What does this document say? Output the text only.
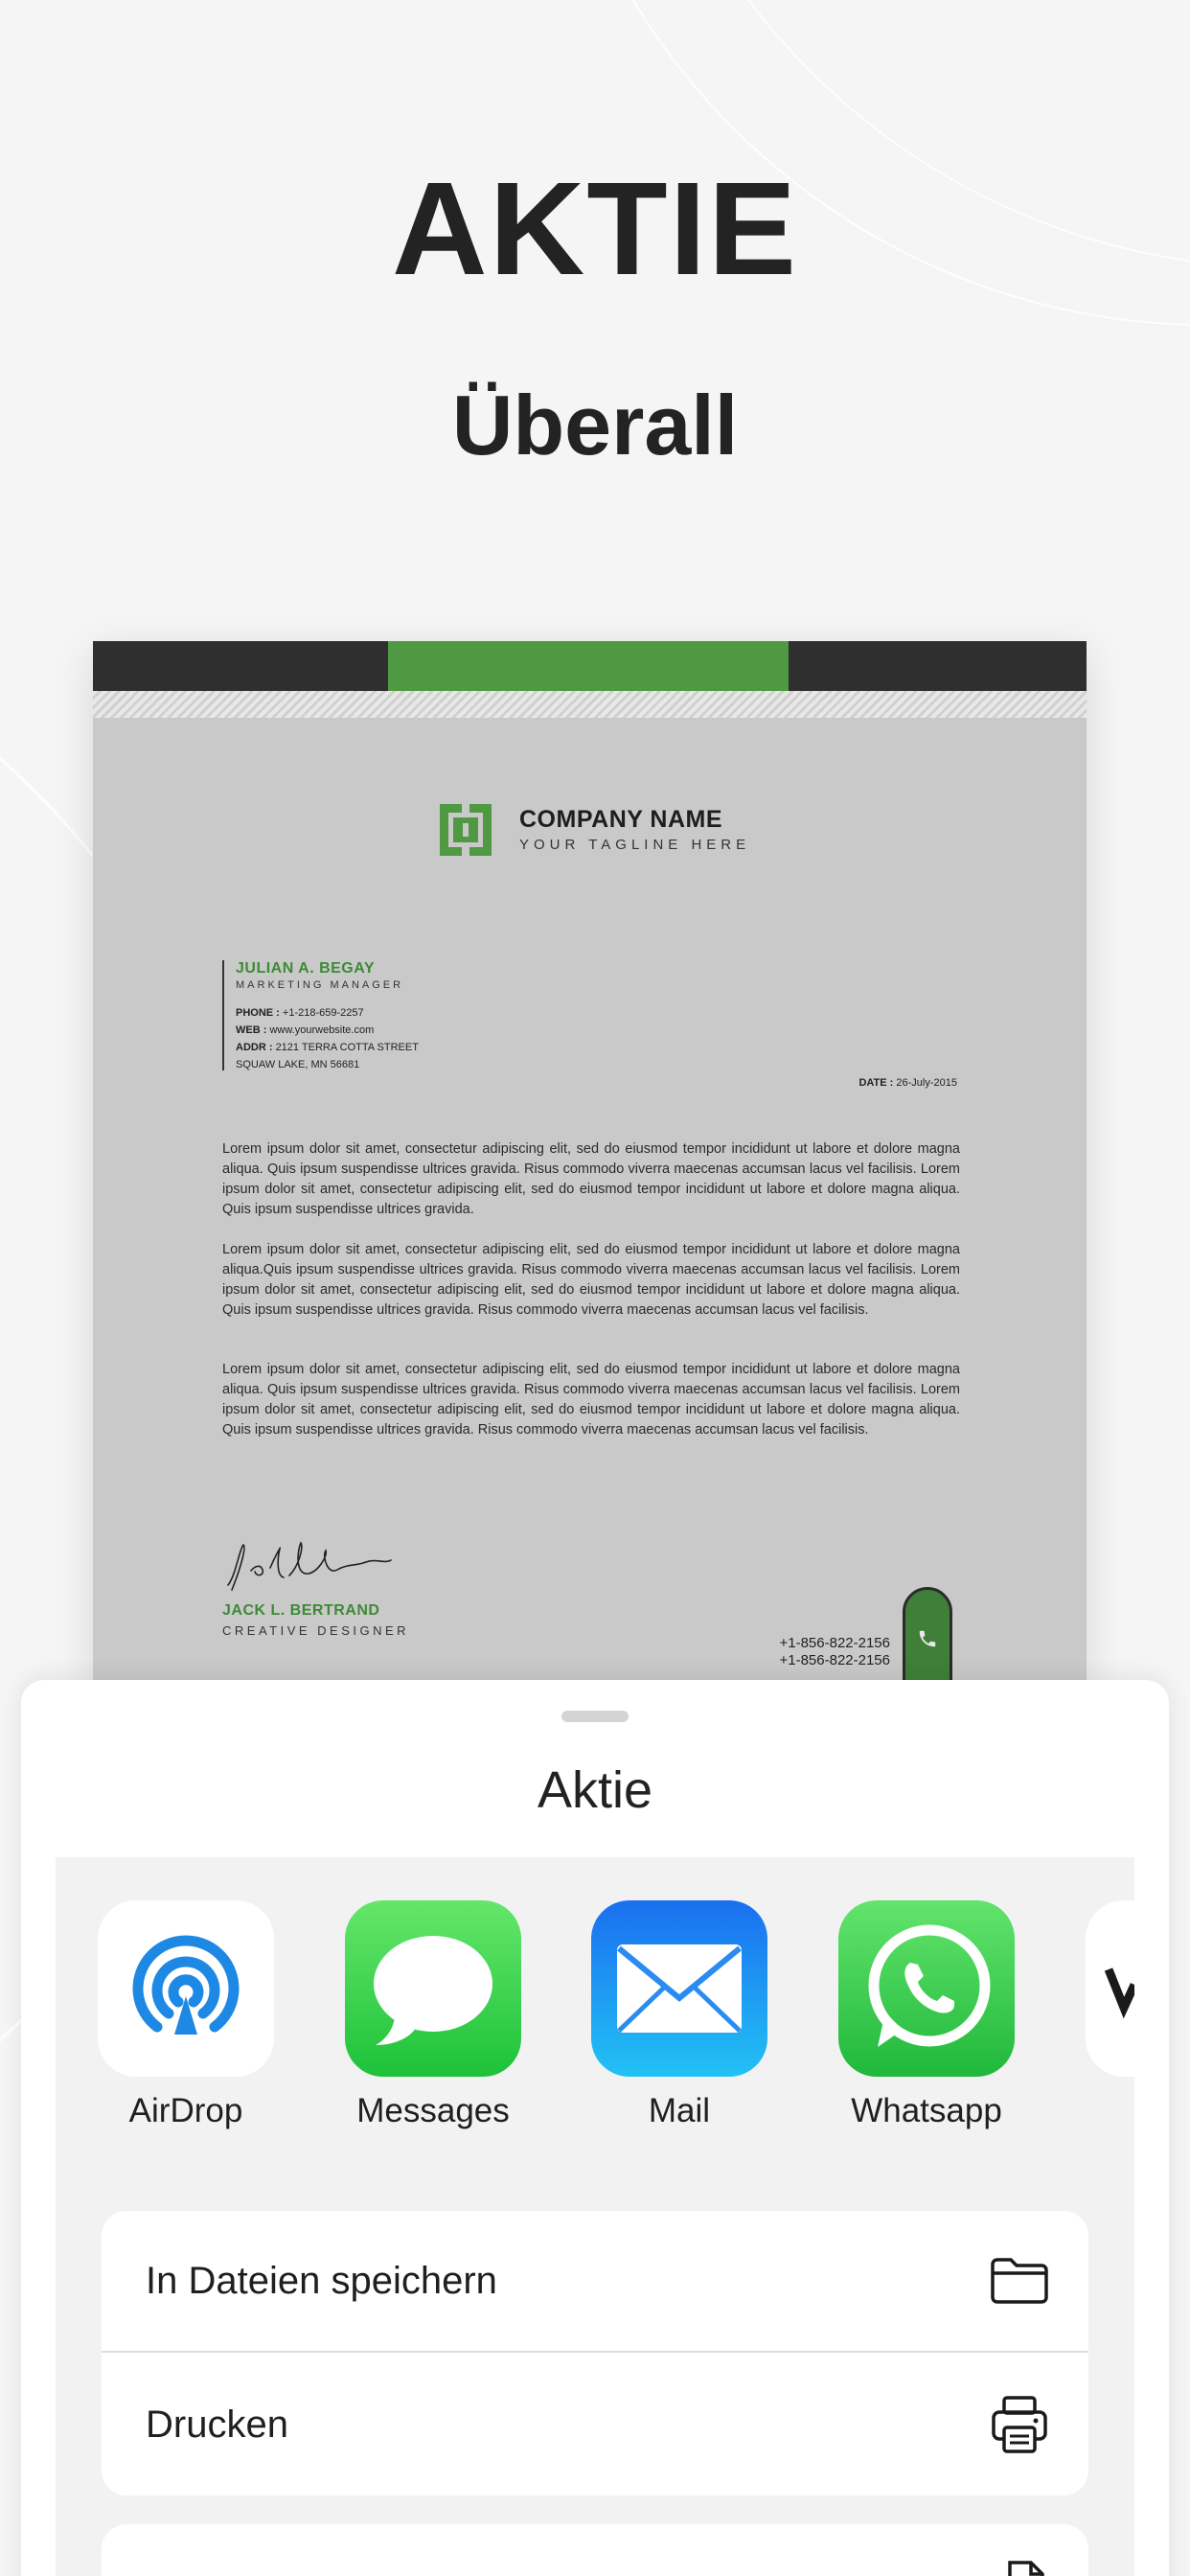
AKTIE
Überall
COMPANY NAME
YOUR TAGLINE HERE
JULIAN A. BEGAY
MARKETING MANAGER
PHONE : +1-218-659-2257
WEB : www.yourwebsite.com
ADDR : 2121 TERRA COTTA STREET
SQUAW LAKE, MN 56681
DATE : 26-July-2015

Lorem ipsum dolor sit amet, consectetur adipiscing elit, sed do eiusmod tempor incididunt ut labore et dolore magna aliqua. Quis ipsum suspendisse ultrices gravida. Risus commodo viverra maecenas accumsan lacus vel facilisis. Lorem ipsum dolor sit amet, consectetur adipiscing elit, sed do eiusmod tempor incididunt ut labore et dolore magna aliqua. Quis ipsum suspendisse ultrices gravida.

Lorem ipsum dolor sit amet, consectetur adipiscing elit, sed do eiusmod tempor incididunt ut labore et dolore magna aliqua.Quis ipsum suspendisse ultrices gravida. Risus commodo viverra maecenas accumsan lacus vel facilisis. Lorem ipsum dolor sit amet, consectetur adipiscing elit, sed do eiusmod tempor incididunt ut labore et dolore magna aliqua. Quis ipsum suspendisse ultrices gravida. Risus commodo viverra maecenas accumsan lacus vel facilisis.

Lorem ipsum dolor sit amet, consectetur adipiscing elit, sed do eiusmod tempor incididunt ut labore et dolore magna aliqua. Quis ipsum suspendisse ultrices gravida. Risus commodo viverra maecenas accumsan lacus vel facilisis. Lorem ipsum dolor sit amet, consectetur adipiscing elit, sed do eiusmod tempor incididunt ut labore et dolore magna aliqua. Quis ipsum suspendisse ultrices gravida. Risus commodo viverra maecenas accumsan lacus vel facilisis.

JACK L. BERTRAND
CREATIVE DESIGNER
+1-856-822-2156
+1-856-822-2156
Aktie
AirDrop	Messages	Mail	Whatsapp
In Dateien speichern
Drucken
